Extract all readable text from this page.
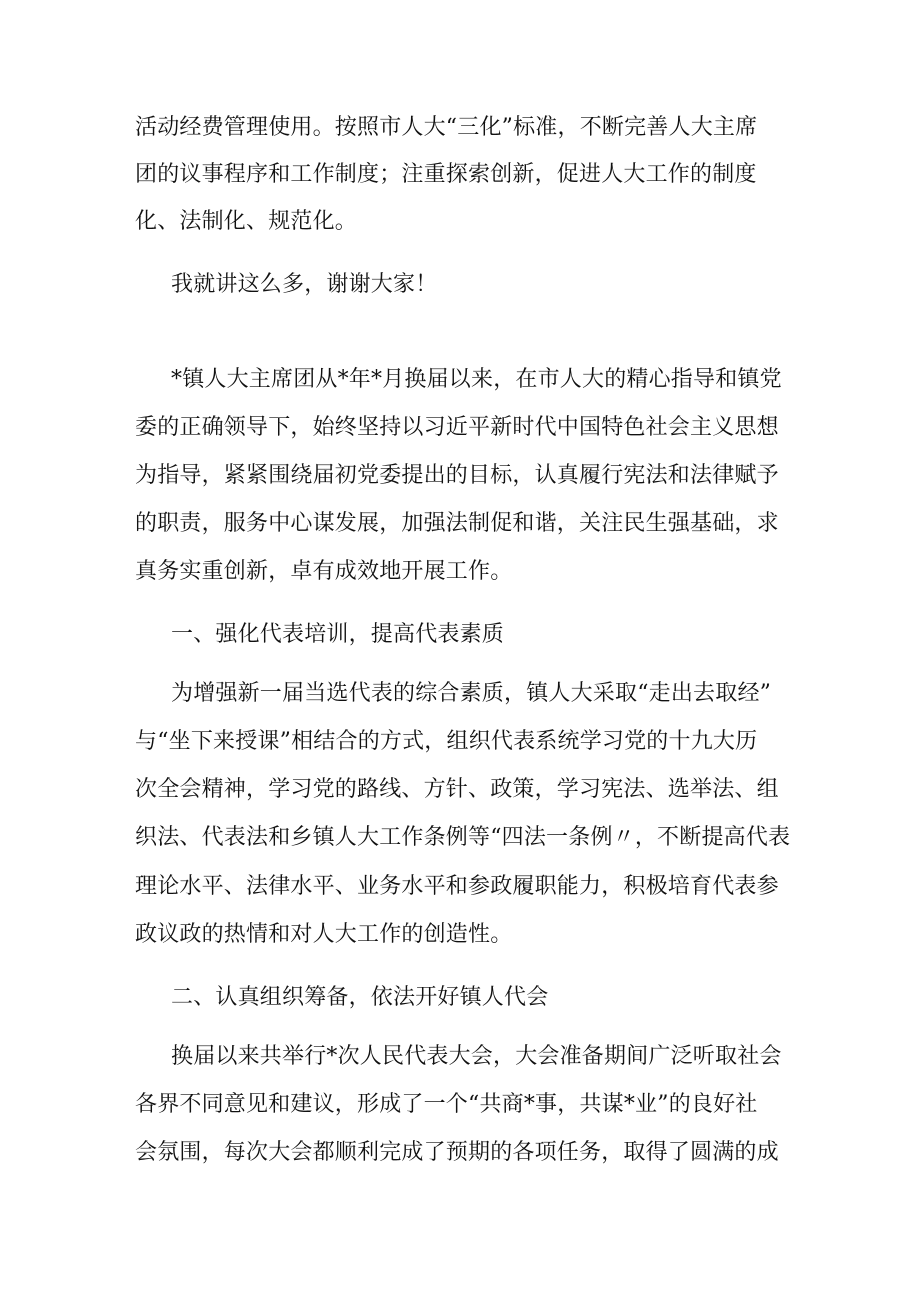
活动经费管理使用。按照市人大“三化”标准，不断完善人大主席
团的议事程序和工作制度；注重探索创新，促进人大工作的制度
化、法制化、规范化。
我就讲这么多，谢谢大家！
*镇人大主席团从*年*月换届以来，在市人大的精心指导和镇党
委的正确领导下，始终坚持以习近平新时代中国特色社会主义思想
为指导，紧紧围绕届初党委提出的目标，认真履行宪法和法律赋予
的职责，服务中心谋发展，加强法制促和谐，关注民生强基础，求
真务实重创新，卓有成效地开展工作。
一、强化代表培训，提高代表素质
为增强新一届当选代表的综合素质，镇人大采取“走出去取经”
与“坐下来授课”相结合的方式，组织代表系统学习党的十九大历
次全会精神，学习党的路线、方针、政策，学习宪法、选举法、组
织法、代表法和乡镇人大工作条例等“四法一条例〃，不断提高代表
理论水平、法律水平、业务水平和参政履职能力，积极培育代表参
政议政的热情和对人大工作的创造性。
二、认真组织筹备，依法开好镇人代会
换届以来共举行*次人民代表大会，大会准备期间广泛听取社会
各界不同意见和建议，形成了一个“共商*事，共谋*业”的良好社
会氛围，每次大会都顺利完成了预期的各项任务，取得了圆满的成
